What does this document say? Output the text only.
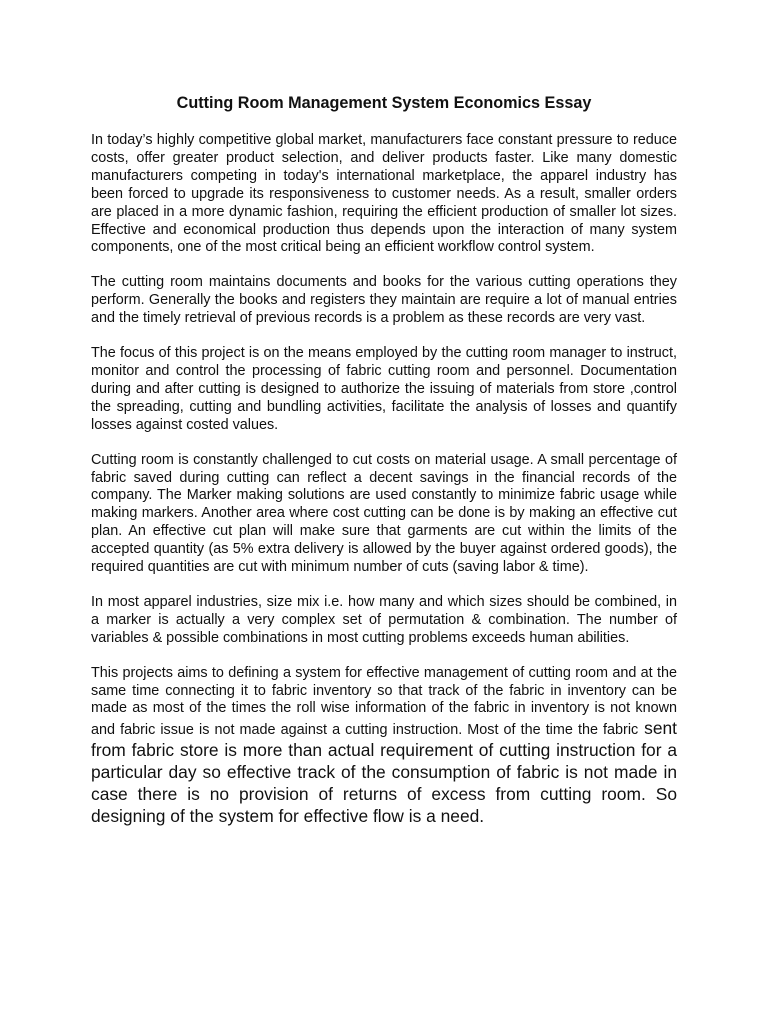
Cutting Room Management System Economics Essay

In today’s highly competitive global market, manufacturers face constant pressure to reduce costs, offer greater product selection, and deliver products faster. Like many domestic manufacturers competing in today's international marketplace, the apparel industry has been forced to upgrade its responsiveness to customer needs. As a result, smaller orders are placed in a more dynamic fashion, requiring the efficient production of smaller lot sizes. Effective and economical production thus depends upon the interaction of many system components, one of the most critical being an efficient workflow control system.

The cutting room maintains documents and books for the various cutting operations they perform. Generally the books and registers they maintain are require a lot of manual entries and the timely retrieval of previous records is a problem as these records are very vast.

The focus of this project is on the means employed by the cutting room manager to instruct, monitor and control the processing of fabric cutting room and personnel. Documentation during and after cutting is designed to authorize the issuing of materials from store ,control the spreading, cutting and bundling activities, facilitate the analysis of losses and quantify losses against costed values.

Cutting room is constantly challenged to cut costs on material usage. A small percentage of fabric saved during cutting can reflect a decent savings in the financial records of the company. The Marker making solutions are used constantly to minimize fabric usage while making markers. Another area where cost cutting can be done is by making an effective cut plan. An effective cut plan will make sure that garments are cut within the limits of the accepted quantity (as 5% extra delivery is allowed by the buyer against ordered goods), the required quantities are cut with minimum number of cuts (saving labor & time).

In most apparel industries, size mix i.e. how many and which sizes should be combined, in a marker is actually a very complex set of permutation & combination. The number of variables & possible combinations in most cutting problems exceeds human abilities.

This projects aims to defining a system for effective management of cutting room and at the same time connecting it to fabric inventory so that track of the fabric in inventory can be made as most of the times the roll wise information of the fabric in inventory is not known and fabric issue is not made against a cutting instruction. Most of the time the fabric sent from fabric store is more than actual requirement of cutting instruction for a particular day so effective track of the consumption of fabric is not made in case there is no provision of returns of excess from cutting room. So designing of the system for effective flow is a need.
